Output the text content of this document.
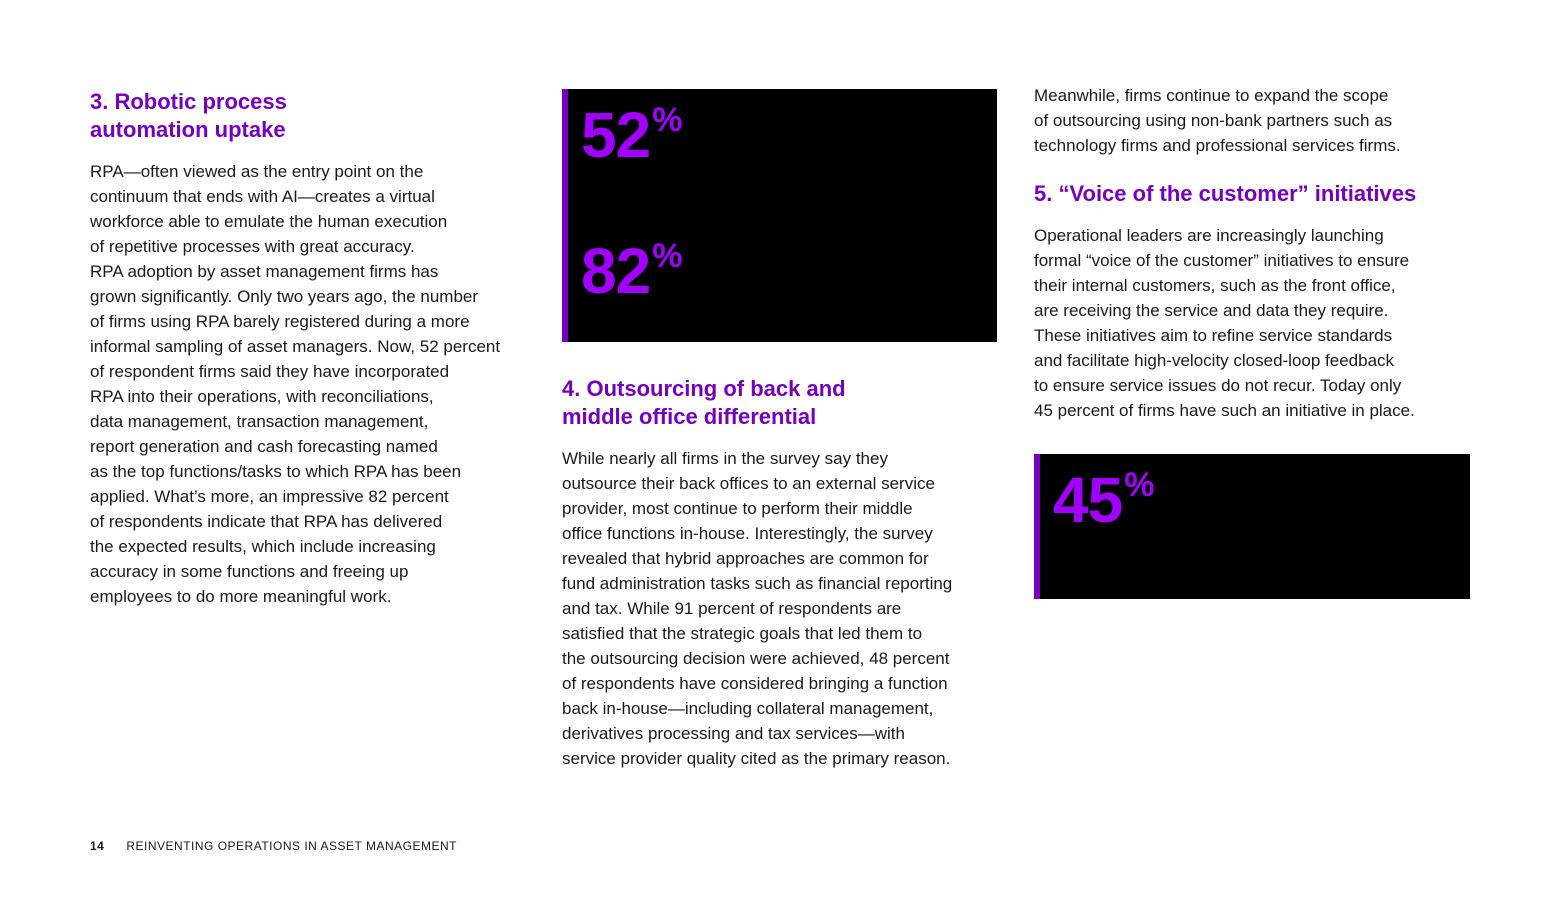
3. Robotic process
automation uptake

RPA—often viewed as the entry point on the
continuum that ends with AI—creates a virtual
workforce able to emulate the human execution
of repetitive processes with great accuracy.
RPA adoption by asset management firms has
grown significantly. Only two years ago, the number
of firms using RPA barely registered during a more
informal sampling of asset managers. Now, 52 percent
of respondent firms said they have incorporated
RPA into their operations, with reconciliations,
data management, transaction management,
report generation and cash forecasting named
as the top functions/tasks to which RPA has been
applied. What’s more, an impressive 82 percent
of respondents indicate that RPA has delivered
the expected results, which include increasing
accuracy in some functions and freeing up
employees to do more meaningful work.

52%
82%
4. Outsourcing of back and
middle office differential

While nearly all firms in the survey say they
outsource their back offices to an external service
provider, most continue to perform their middle
office functions in-house. Interestingly, the survey
revealed that hybrid approaches are common for
fund administration tasks such as financial reporting
and tax. While 91 percent of respondents are
satisfied that the strategic goals that led them to
the outsourcing decision were achieved, 48 percent
of respondents have considered bringing a function
back in-house—including collateral management,
derivatives processing and tax services—with
service provider quality cited as the primary reason.

Meanwhile, firms continue to expand the scope
of outsourcing using non-bank partners such as
technology firms and professional services firms.

5. “Voice of the customer” initiatives

Operational leaders are increasingly launching
formal “voice of the customer” initiatives to ensure
their internal customers, such as the front office,
are receiving the service and data they require.
These initiatives aim to refine service standards
and facilitate high-velocity closed-loop feedback
to ensure service issues do not recur. Today only
45 percent of firms have such an initiative in place.

45%
14 REINVENTING OPERATIONS IN ASSET MANAGEMENT
